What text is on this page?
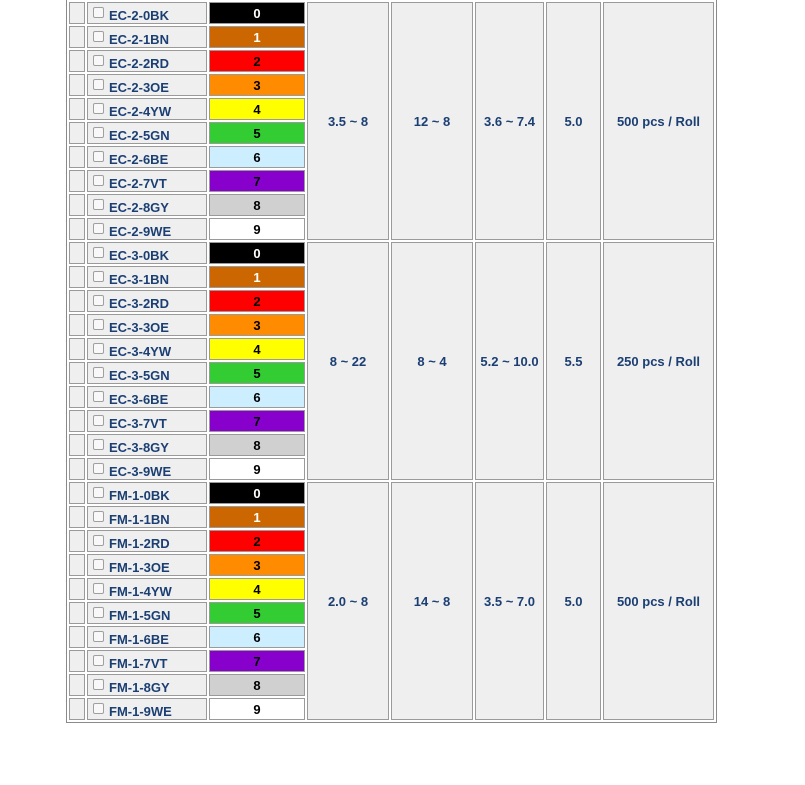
	EC-2-0BK	0	3.5 ~ 8	12 ~ 8	3.6 ~ 7.4	5.0	500 pcs / Roll

	EC-2-1BN	1					

	EC-2-2RD	2					

	EC-2-3OE	3					

	EC-2-4YW	4					

	EC-2-5GN	5					

	EC-2-6BE	6					

	EC-2-7VT	7					

	EC-2-8GY	8					

	EC-2-9WE	9					

	EC-3-0BK	0	8 ~ 22	8 ~ 4	5.2 ~ 10.0	5.5	250 pcs / Roll

	EC-3-1BN	1					

	EC-3-2RD	2					

	EC-3-3OE	3					

	EC-3-4YW	4					

	EC-3-5GN	5					

	EC-3-6BE	6					

	EC-3-7VT	7					

	EC-3-8GY	8					

	EC-3-9WE	9					

	FM-1-0BK	0	2.0 ~ 8	14 ~ 8	3.5 ~ 7.0	5.0	500 pcs / Roll

	FM-1-1BN	1					

	FM-1-2RD	2					

	FM-1-3OE	3					

	FM-1-4YW	4					

	FM-1-5GN	5					

	FM-1-6BE	6					

	FM-1-7VT	7					

	FM-1-8GY	8					

	FM-1-9WE	9					
